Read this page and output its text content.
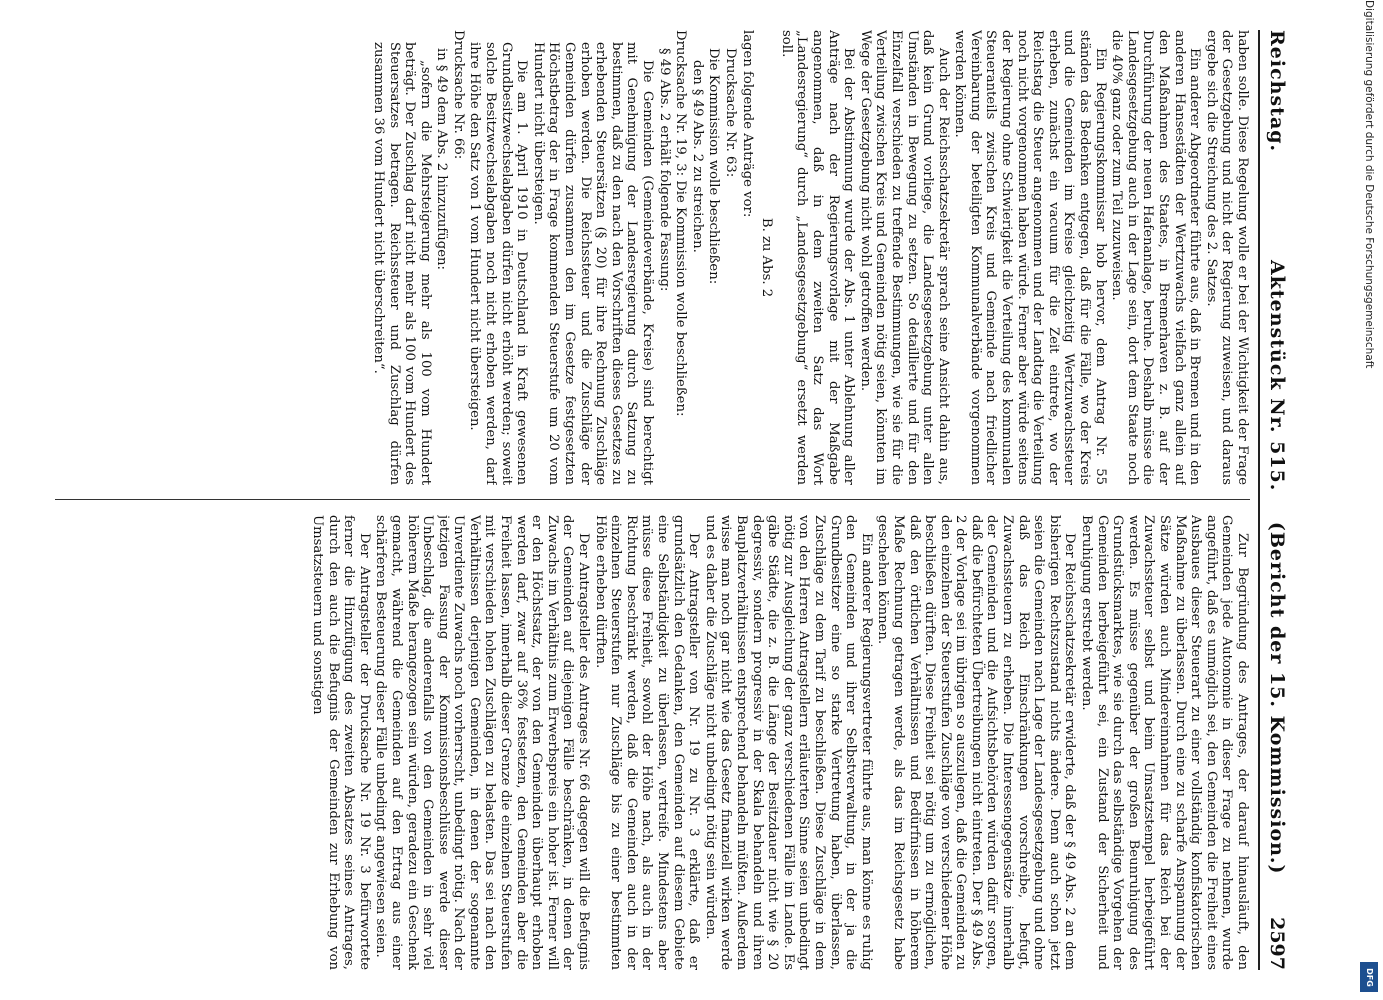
Reichstag.
Aktenstück Nr. 515.    (Bericht der 15. Kommission.)
2597

haben solle. Diese Regelung wolle er bei der Wichtigkeit der Frage der Gesetzgebung und nicht der Regierung zuweisen, und daraus ergebe sich die Streichung des 2. Satzes.

Ein anderer Abgeordneter führte aus, daß in Bremen und in den anderen Hansestädten der Wertzuwachs vielfach ganz allein auf den Maßnahmen des Staates, in Bremerhaven z. B. auf der Durchführung der neuen Hafenanlage, beruhe. Deshalb müsse die Landesgesetzgebung auch in der Lage sein, dort dem Staate noch die 40% ganz oder zum Teil zuzuweisen.

Ein Regierungskommissar hob hervor, dem Antrag Nr. 55 ständen das Bedenken entgegen, daß für die Fälle, wo der Kreis und die Gemeinden im Kreise gleichzeitig Wertzuwachssteuer erheben, zunächst ein vacuum für die Zeit eintrete, wo der Reichstag die Steuer angenommen und der Landtag die Verteilung noch nicht vorgenommen haben würde. Ferner aber würde seitens der Regierung ohne Schwierigkeit die Verteilung des kommunalen Steueranteils zwischen Kreis und Gemeinde nach friedlicher Vereinbarung der beteiligten Kommunalverbände vorgenommen werden können.

Auch der Reichsschatzsekretär sprach seine Ansicht dahin aus, daß kein Grund vorliege, die Landesgesetzgebung unter allen Umständen in Bewegung zu setzen. So detaillierte und für den Einzelfall verschieden zu treffende Bestimmungen, wie sie für die Verteilung zwischen Kreis und Gemeinden nötig seien, könnten im Wege der Gesetzgebung nicht wohl getroffen werden.

Bei der Abstimmung wurde der Abs. 1 unter Ablehnung aller Anträge nach der Regierungsvorlage mit der Maßgabe angenommen, daß in dem zweiten Satz das Wort „Landesregierung“ durch „Landesgesetzgebung“ ersetzt werden soll.

B. zu Abs. 2

lagen folgende Anträge vor:

Drucksache Nr. 63:

Die Kommission wolle beschließen:

den § 49 Abs. 2 zu streichen.

Drucksache Nr. 19, 3: Die Kommission wolle beschließen:

§ 49 Abs. 2 erhält folgende Fassung:

Die Gemeinden (Gemeindeverbände, Kreise) sind berechtigt mit Genehmigung der Landesregierung durch Satzung zu bestimmen, daß zu den nach den Vorschriften dieses Gesetzes zu erhebenden Steuersätzen (§ 20) für ihre Rechnung Zuschläge erhoben werden. Die Reichssteuer und die Zuschläge der Gemeinden dürfen zusammen den im Gesetze festgesetzten Höchstbetrag der in Frage kommenden Steuerstufe um 20 vom Hundert nicht übersteigen.

Die am 1. April 1910 in Deutschland in Kraft gewesenen Grundbesitzwechselabgaben dürfen nicht erhöht werden; soweit solche Besitzwechselabgaben noch nicht erhoben werden, darf ihre Höhe den Satz von 1 vom Hundert nicht übersteigen.

Drucksache Nr. 66:

in § 49 dem Abs. 2 hinzuzufügen:

„sofern die Mehrsteigerung mehr als 100 vom Hundert beträgt. Der Zuschlag darf nicht mehr als 100 vom Hundert des Steuersatzes betragen. Reichssteuer und Zuschlag dürfen zusammen 36 vom Hundert nicht überschreiten“.

Zur Begründung des Antrages, der darauf hinausläuft, den Gemeinden jede Autonomie in dieser Frage zu nehmen, wurde angeführt, daß es unmöglich sei, den Gemeinden die Freiheit eines Ausbaues dieser Steuerart zu einer vollständig konfiskatorischen Maßnahme zu überlassen. Durch eine zu scharfe Anspannung der Sätze würden auch Mindereinnahmen für das Reich bei der Zuwachssteuer selbst und beim Umsatzstempel herbeigeführt werden. Es müsse gegenüber der großen Beunruhigung des Grundstücksmarktes, wie sie durch das selbständige Vorgehen der Gemeinden herbeigeführt sei, ein Zustand der Sicherheit und Beruhigung erstrebt werden.

Der Reichsschatzsekretär erwiderte, daß der § 49 Abs. 2 an dem bisherigen Rechtszustand nichts ändere. Denn auch schon jetzt seien die Gemeinden nach Lage der Landesgesetzgebung und ohne daß das Reich Einschränkungen vorschreibe, befugt, Zuwachssteuern zu erheben. Die Interessengegensätze innerhalb der Gemeinden und die Aufsichtsbehörden würden dafür sorgen, daß die befürchteten Übertreibungen nicht eintreten. Der § 49 Abs. 2 der Vorlage sei im übrigen so auszulegen, daß die Gemeinden zu den einzelnen der Steuerstufen Zuschläge von verschiedener Höhe beschließen dürften. Diese Freiheit sei nötig um zu ermöglichen, daß den örtlichen Verhältnissen und Bedürfnissen in höherem Maße Rechnung getragen werde, als das im Reichsgesetz habe geschehen können.

Ein anderer Regierungsvertreter führte aus, man könne es ruhig den Gemeinden und ihrer Selbstverwaltung, in der ja die Grundbesitzer eine so starke Vertretung haben, überlassen, Zuschläge zu dem Tarif zu beschließen. Diese Zuschläge in dem von den Herren Antragstellern erläuterten Sinne seien unbedingt nötig zur Ausgleichung der ganz verschiedenen Fälle im Lande. Es gäbe Städte, die z. B. die Länge der Besitzdauer nicht wie § 20 degressiv, sondern progressiv in der Skala behandeln und ihren Bauplatzverhältnissen entsprechend behandeln müßten. Außerdem wisse man noch gar nicht wie das Gesetz finanziell wirken werde und es daher die Zuschläge nicht unbedingt nötig sein würden.

Der Antragsteller von Nr. 19 zu Nr. 3 erklärte, daß er grundsätzlich den Gedanken, den Gemeinden auf diesem Gebiete eine Selbständigkeit zu überlassen, vertreife. Mindestens aber müsse diese Freiheit, sowohl der Höhe nach, als auch in der Richtung beschränkt werden, daß die Gemeinden auch in der einzelnen Steuerstufen nur Zuschläge bis zu einer bestimmten Höhe erheben dürften.

Der Antragsteller des Antrages Nr. 66 dagegen will die Befugnis der Gemeinden auf diejenigen Fälle beschränken, in denen der Zuwachs im Verhältnis zum Erwerbspreis ein hoher ist. Ferner will er den Höchstsatz, der von den Gemeinden überhaupt erhoben werden darf, zwar auf 36% festsetzen, den Gemeinden aber die Freiheit lassen, innerhalb dieser Grenze die einzelnen Steuerstufen mit verschieden hohen Zuschlägen zu belasten. Das sei nach den Verhältnissen derjenigen Gemeinden, in denen der sogenannte Unverdiente Zuwachs noch vorherrscht, unbedingt nötig. Nach der jetzigen Fassung der Kommissionsbeschlüsse werde dieser Unbeschlag, die anderenfalls von den Gemeinden in sehr viel höherem Maße herangezogen sein würden, geradezu ein Geschenk gemacht, während die Gemeinden auf den Ertrag aus einer schärferen Besteuerung dieser Fälle unbedingt angewiesen seien.

Der Antragsteller der Drucksache Nr. 19 Nr. 3 befürwortete ferner die Hinzufügung des zweiten Absatzes seines Antrages, durch den auch die Befugnis der Gemeinden zur Erhebung von Umsatzsteuern und sonstigen

Digitalisierung gefördert durch die Deutsche Forschungsgemeinschaft
DFG
